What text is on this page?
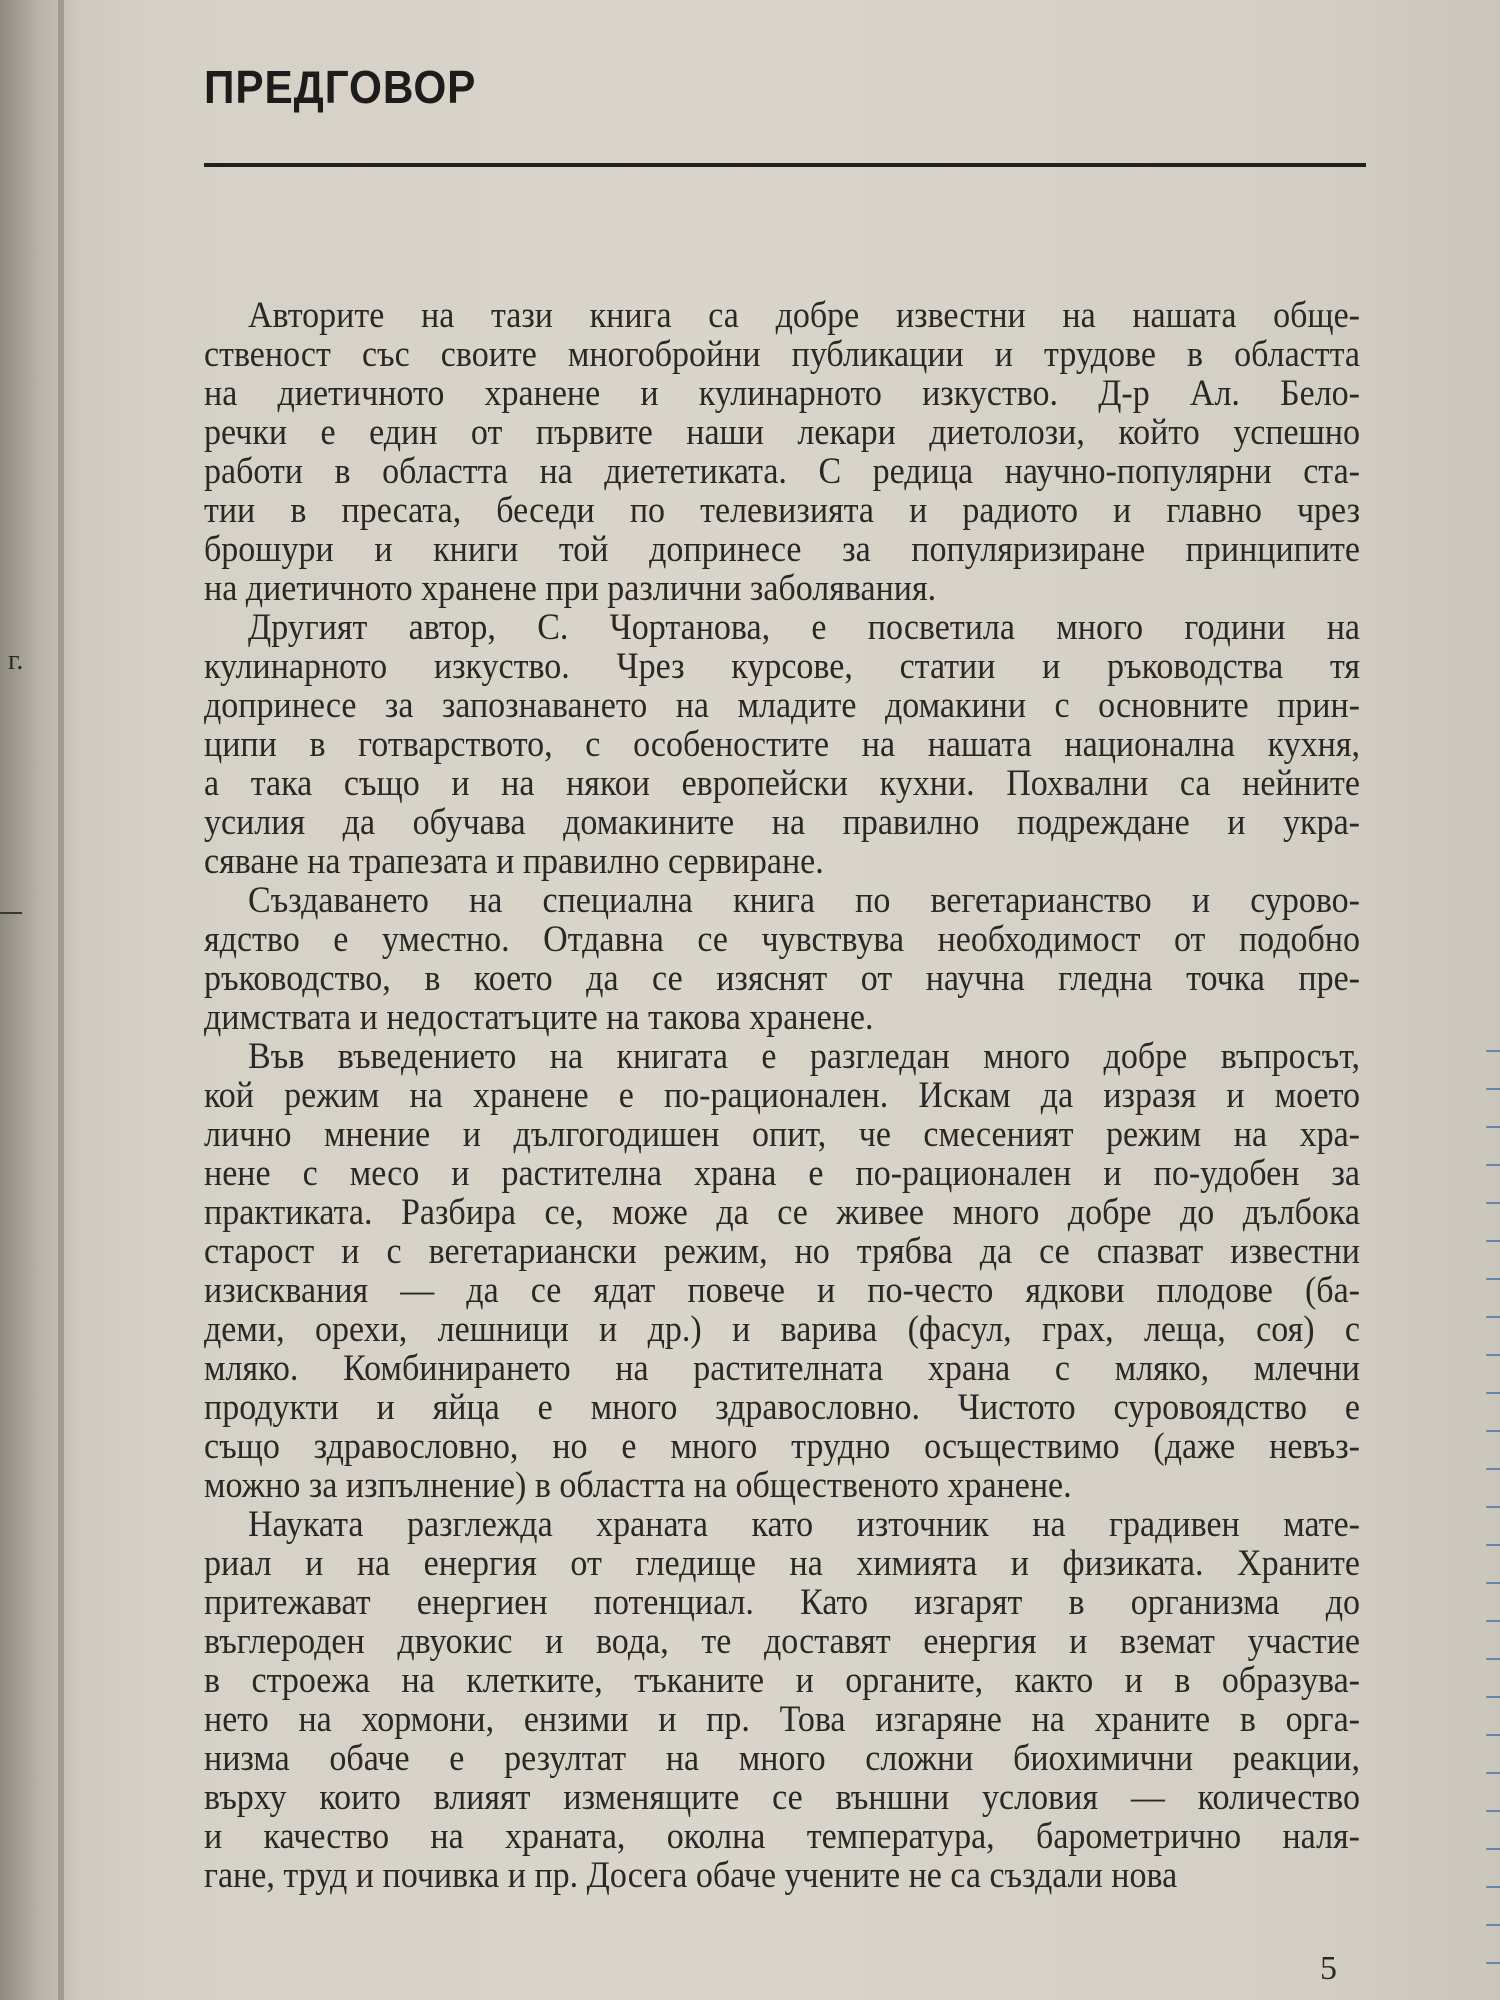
г.
ПРЕДГОВОР
Авторите на тази книга са добре известни на нашата обще-
ственост със своите многобройни публикации и трудове в областта
на диетичното хранене и кулинарното изкуство. Д-р Ал. Бело-
речки е един от първите наши лекари диетолози, който успешно
работи в областта на диететиката. С редица научно-популярни ста-
тии в пресата, беседи по телевизията и радиото и главно чрез
брошури и книги той допринесе за популяризиране принципите
на диетичното хранене при различни заболявания.
Другият автор, С. Чортанова, е посветила много години на
кулинарното изкуство. Чрез курсове, статии и ръководства тя
допринесе за запознаването на младите домакини с основните прин-
ципи в готварството, с особеностите на нашата национална кухня,
а така също и на някои европейски кухни. Похвални са нейните
усилия да обучава домакините на правилно подреждане и укра-
сяване на трапезата и правилно сервиране.
Създаването на специална книга по вегетарианство и сурово-
ядство е уместно. Отдавна се чувствува необходимост от подобно
ръководство, в което да се изяснят от научна гледна точка пре-
димствата и недостатъците на такова хранене.
Във въведението на книгата е разгледан много добре въпросът,
кой режим на хранене е по-рационален. Искам да изразя и моето
лично мнение и дългогодишен опит, че смесеният режим на хра-
нене с месо и растителна храна е по-рационален и по-удобен за
практиката. Разбира се, може да се живее много добре до дълбока
старост и с вегетариански режим, но трябва да се спазват известни
изисквания — да се ядат повече и по-често ядкови плодове (ба-
деми, орехи, лешници и др.) и варива (фасул, грах, леща, соя) с
мляко. Комбинирането на растителната храна с мляко, млечни
продукти и яйца е много здравословно. Чистото суровоядство е
също здравословно, но е много трудно осъществимо (даже невъз-
можно за изпълнение) в областта на общественото хранене.
Науката разглежда храната като източник на градивен мате-
риал и на енергия от гледище на химията и физиката. Храните
притежават енергиен потенциал. Като изгарят в организма до
въглероден двуокис и вода, те доставят енергия и вземат участие
в строежа на клетките, тъканите и органите, както и в образува-
нето на хормони, ензими и пр. Това изгаряне на храните в орга-
низма обаче е резултат на много сложни биохимични реакции,
върху които влияят изменящите се външни условия — количество
и качество на храната, околна температура, барометрично наля-
гане, труд и почивка и пр. Досега обаче учените не са създали нова
5
